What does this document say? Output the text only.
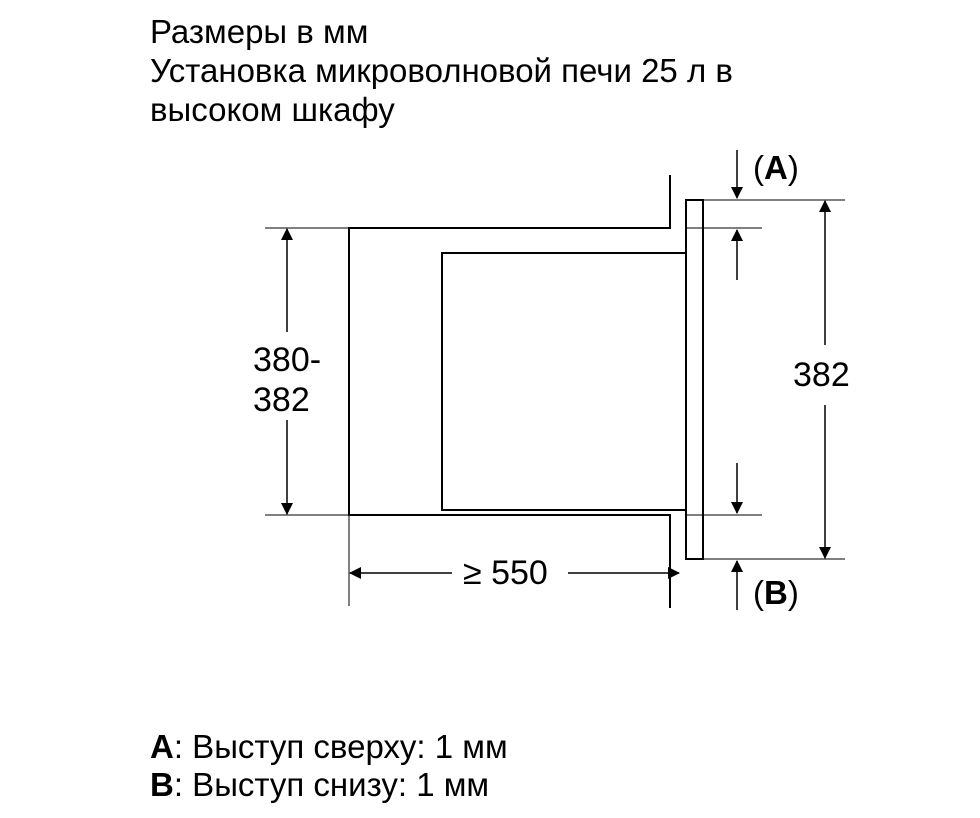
Размеры в мм
Установка микроволновой печи 25 л в
высоком шкафу
380-
382
382
≥ 550
(A)
(B)
A: Выступ сверху: 1 мм
B: Выступ снизу: 1 мм
